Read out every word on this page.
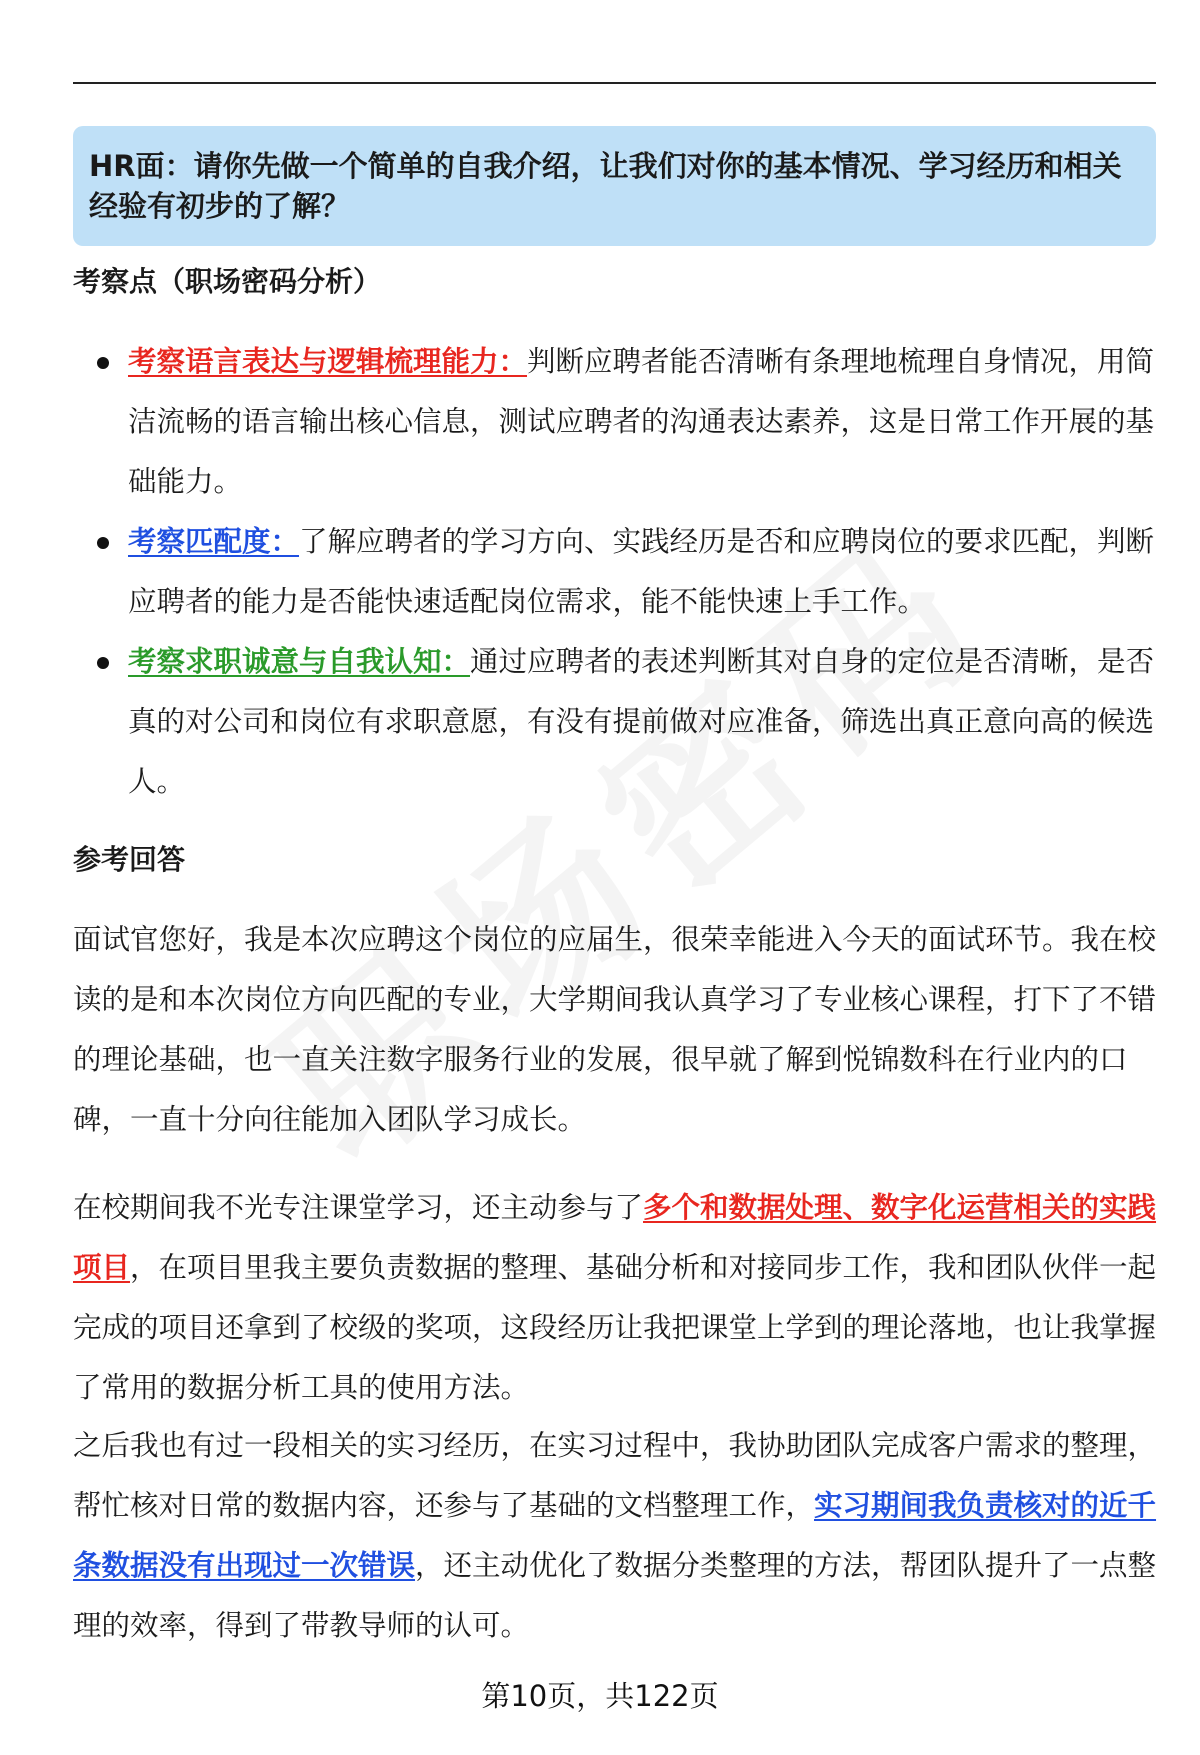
HR面：请你先做一个简单的自我介绍，让我们对你的基本情况、学习经历和相关经验有初步的了解？
考察点（职场密码分析）
考察语言表达与逻辑梳理能力：判断应聘者能否清晰有条理地梳理自身情况，用简洁流畅的语言输出核心信息，测试应聘者的沟通表达素养，这是日常工作开展的基础能力。
考察匹配度：了解应聘者的学习方向、实践经历是否和应聘岗位的要求匹配，判断应聘者的能力是否能快速适配岗位需求，能不能快速上手工作。
考察求职诚意与自我认知：通过应聘者的表述判断其对自身的定位是否清晰，是否真的对公司和岗位有求职意愿，有没有提前做对应准备，筛选出真正意向高的候选人。
参考回答

面试官您好，我是本次应聘这个岗位的应届生，很荣幸能进入今天的面试环节。我在校读的是和本次岗位方向匹配的专业，大学期间我认真学习了专业核心课程，打下了不错的理论基础，也一直关注数字服务行业的发展，很早就了解到悦锦数科在行业内的口碑，一直十分向往能加入团队学习成长。

在校期间我不光专注课堂学习，还主动参与了多个和数据处理、数字化运营相关的实践项目，在项目里我主要负责数据的整理、基础分析和对接同步工作，我和团队伙伴一起完成的项目还拿到了校级的奖项，这段经历让我把课堂上学到的理论落地，也让我掌握了常用的数据分析工具的使用方法。

之后我也有过一段相关的实习经历，在实习过程中，我协助团队完成客户需求的整理，帮忙核对日常的数据内容，还参与了基础的文档整理工作，实习期间我负责核对的近千条数据没有出现过一次错误，还主动优化了数据分类整理的方法，帮团队提升了一点整理的效率，得到了带教导师的认可。

第10页，共122页
